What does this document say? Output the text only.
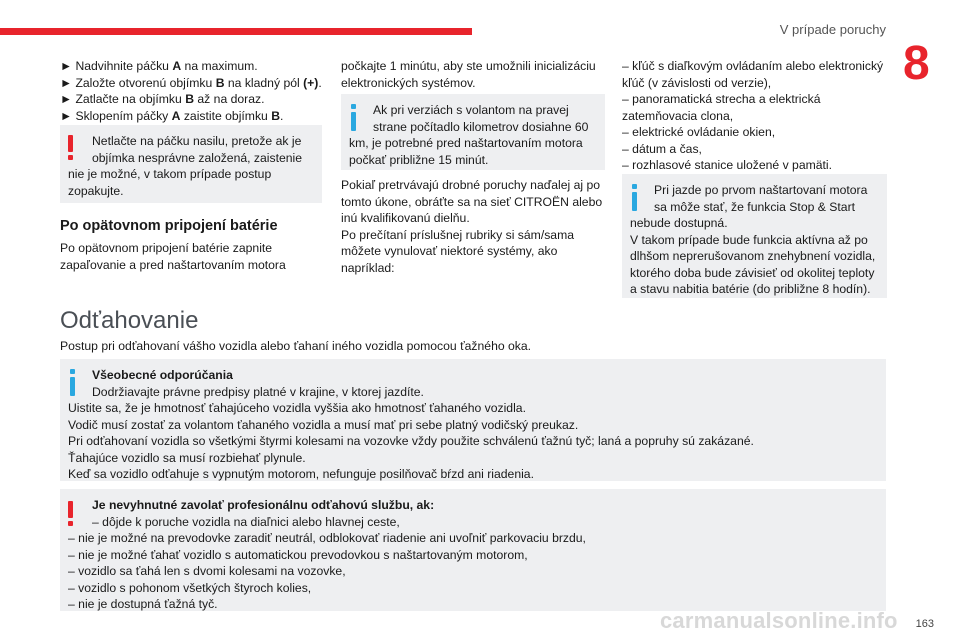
V prípade poruchy
8
► Nadvihnite páčku A na maximum.
► Založte otvorenú objímku B na kladný pól (+).
► Zatlačte na objímku B až na doraz.
► Sklopením páčky A zaistite objímku B.
Netlačte na páčku nasilu, pretože ak je
objímka nesprávne založená, zaistenie
nie je možné, v takom prípade postup
zopakujte.
Po opätovnom pripojení batérie
Po opätovnom pripojení batérie zapnite
zapaľovanie a pred naštartovaním motora
počkajte 1 minútu, aby ste umožnili inicializáciu
elektronických systémov.
Ak pri verziách s volantom na pravej
strane počítadlo kilometrov dosiahne 60
km, je potrebné pred naštartovaním motora
počkať približne 15 minút.
Pokiaľ pretrvávajú drobné poruchy naďalej aj po
tomto úkone, obráťte sa na sieť CITROËN alebo
inú kvalifikovanú dielňu.
Po prečítaní príslušnej rubriky si sám/sama
môžete vynulovať niektoré systémy, ako
napríklad:
– kľúč s diaľkovým ovládaním alebo elektronický
kľúč (v závislosti od verzie),
– panoramatická strecha a elektrická
zatemňovacia clona,
– elektrické ovládanie okien,
– dátum a čas,
– rozhlasové stanice uložené v pamäti.
Pri jazde po prvom naštartovaní motora
sa môže stať, že funkcia Stop & Start
nebude dostupná.
V takom prípade bude funkcia aktívna až po
dlhšom neprerušovanom znehybnení vozidla,
ktorého doba bude závisieť od okolitej teploty
a stavu nabitia batérie (do približne 8 hodín).
Odťahovanie
Postup pri odťahovaní vášho vozidla alebo ťahaní iného vozidla pomocou ťažného oka.
Všeobecné odporúčania
Dodržiavajte právne predpisy platné v krajine, v ktorej jazdíte.
Uistite sa, že je hmotnosť ťahajúceho vozidla vyššia ako hmotnosť ťahaného vozidla.
Vodič musí zostať za volantom ťahaného vozidla a musí mať pri sebe platný vodičský preukaz.
Pri odťahovaní vozidla so všetkými štyrmi kolesami na vozovke vždy použite schválenú ťažnú tyč; laná a popruhy sú zakázané.
Ťahajúce vozidlo sa musí rozbiehať plynule.
Keď sa vozidlo odťahuje s vypnutým motorom, nefunguje posilňovač bŕzd ani riadenia.
Je nevyhnutné zavolať profesionálnu odťahovú službu, ak:
– dôjde k poruche vozidla na diaľnici alebo hlavnej ceste,
– nie je možné na prevodovke zaradiť neutrál, odblokovať riadenie ani uvoľniť parkovaciu brzdu,
– nie je možné ťahať vozidlo s automatickou prevodovkou s naštartovaným motorom,
– vozidlo sa ťahá len s dvomi kolesami na vozovke,
– vozidlo s pohonom všetkých štyroch kolies,
– nie je dostupná ťažná tyč.
carmanualsonline.info 163
